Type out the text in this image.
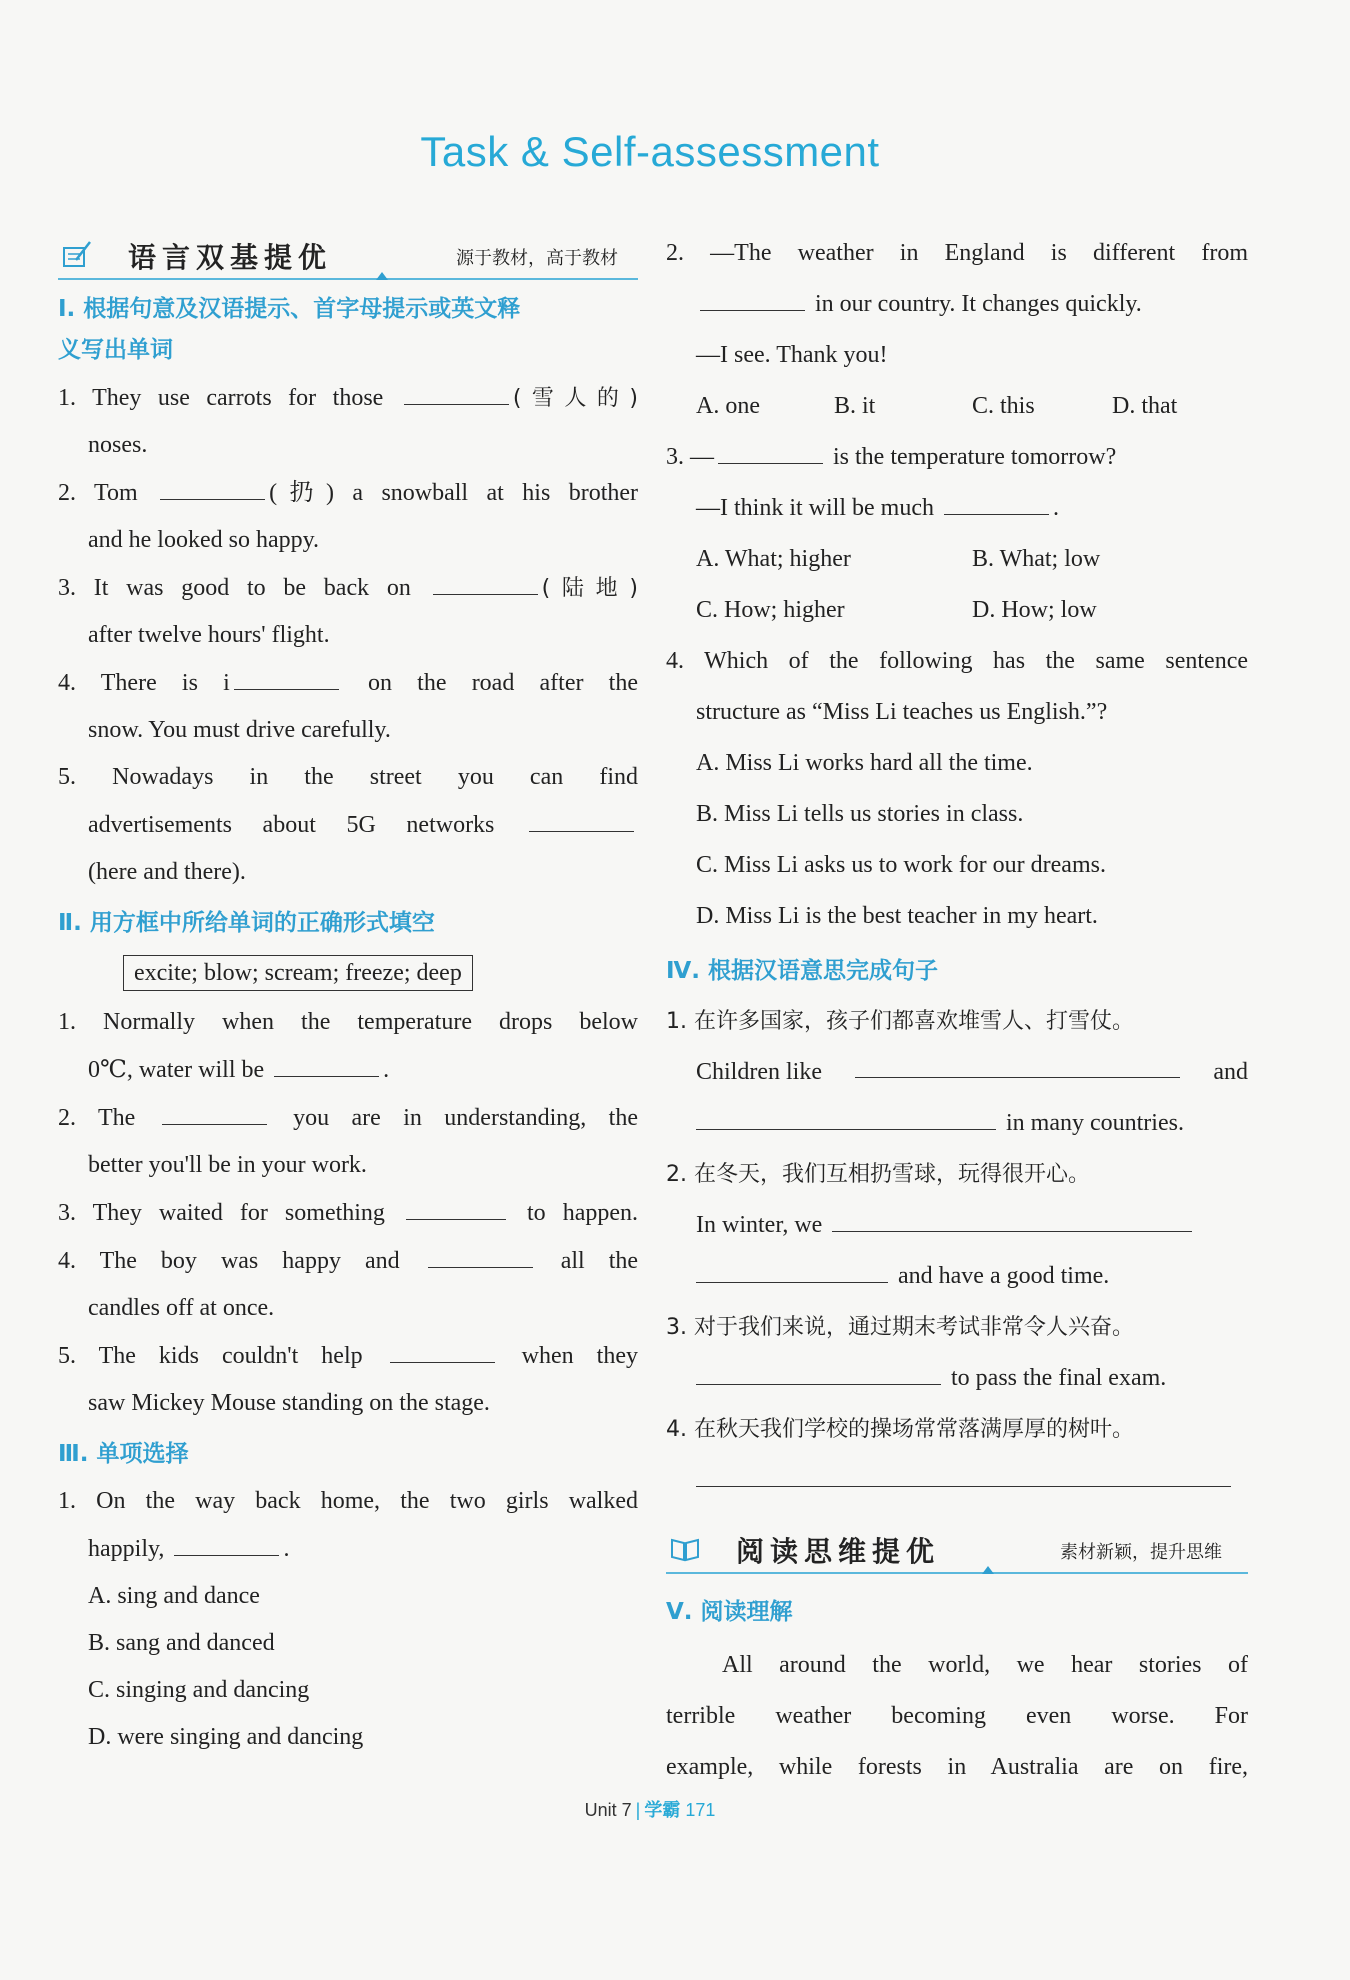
Task & Self-assessment
语言双基提优	源于教材，高于教材
Ⅰ. 根据句意及汉语提示、首字母提示或英文释
义写出单词
1. They use carrots for those	(雪人的)
noses.
2. Tom	(扔) a snowball at his brother
and he looked so happy.
3. It was good to be back on	(陆地)
after twelve hours' flight.
4. There is i	on the road after the
snow. You must drive carefully.
5. Nowadays in the street you can find
advertisements about 5G networks
(here and there).
Ⅱ. 用方框中所给单词的正确形式填空
excite; blow; scream; freeze; deep
1. Normally when the temperature drops below
0℃, water will be	.
2. The	you are in understanding, the
better you'll be in your work.
3. They waited for something	to happen.
4. The boy was happy and	all the
candles off at once.
5. The kids couldn't help	when they
saw Mickey Mouse standing on the stage.
Ⅲ. 单项选择
1. On the way back home, the two girls walked
happily,	.
A. sing and dance
B. sang and danced
C. singing and dancing
D. were singing and dancing
2. —The weather in England is different from
in our country. It changes quickly.
—I see. Thank you!
A. one	B. it	C. this	D. that
3. —	is the temperature tomorrow?
—I think it will be much	.
A. What; higher	B. What; low
C. How; higher	D. How; low
4. Which of the following has the same sentence
structure as “Miss Li teaches us English.”?
A. Miss Li works hard all the time.
B. Miss Li tells us stories in class.
C. Miss Li asks us to work for our dreams.
D. Miss Li is the best teacher in my heart.
Ⅳ. 根据汉语意思完成句子
1. 在许多国家，孩子们都喜欢堆雪人、打雪仗。
Children like	and
in many countries.
2. 在冬天，我们互相扔雪球，玩得很开心。
In winter, we
and have a good time.
3. 对于我们来说，通过期末考试非常令人兴奋。
to pass the final exam.
4. 在秋天我们学校的操场常常落满厚厚的树叶。
阅读思维提优	素材新颖，提升思维
Ⅴ. 阅读理解
All around the world, we hear stories of
terrible weather becoming even worse. For
example, while forests in Australia are on fire,
Unit 7 | 学霸 171
